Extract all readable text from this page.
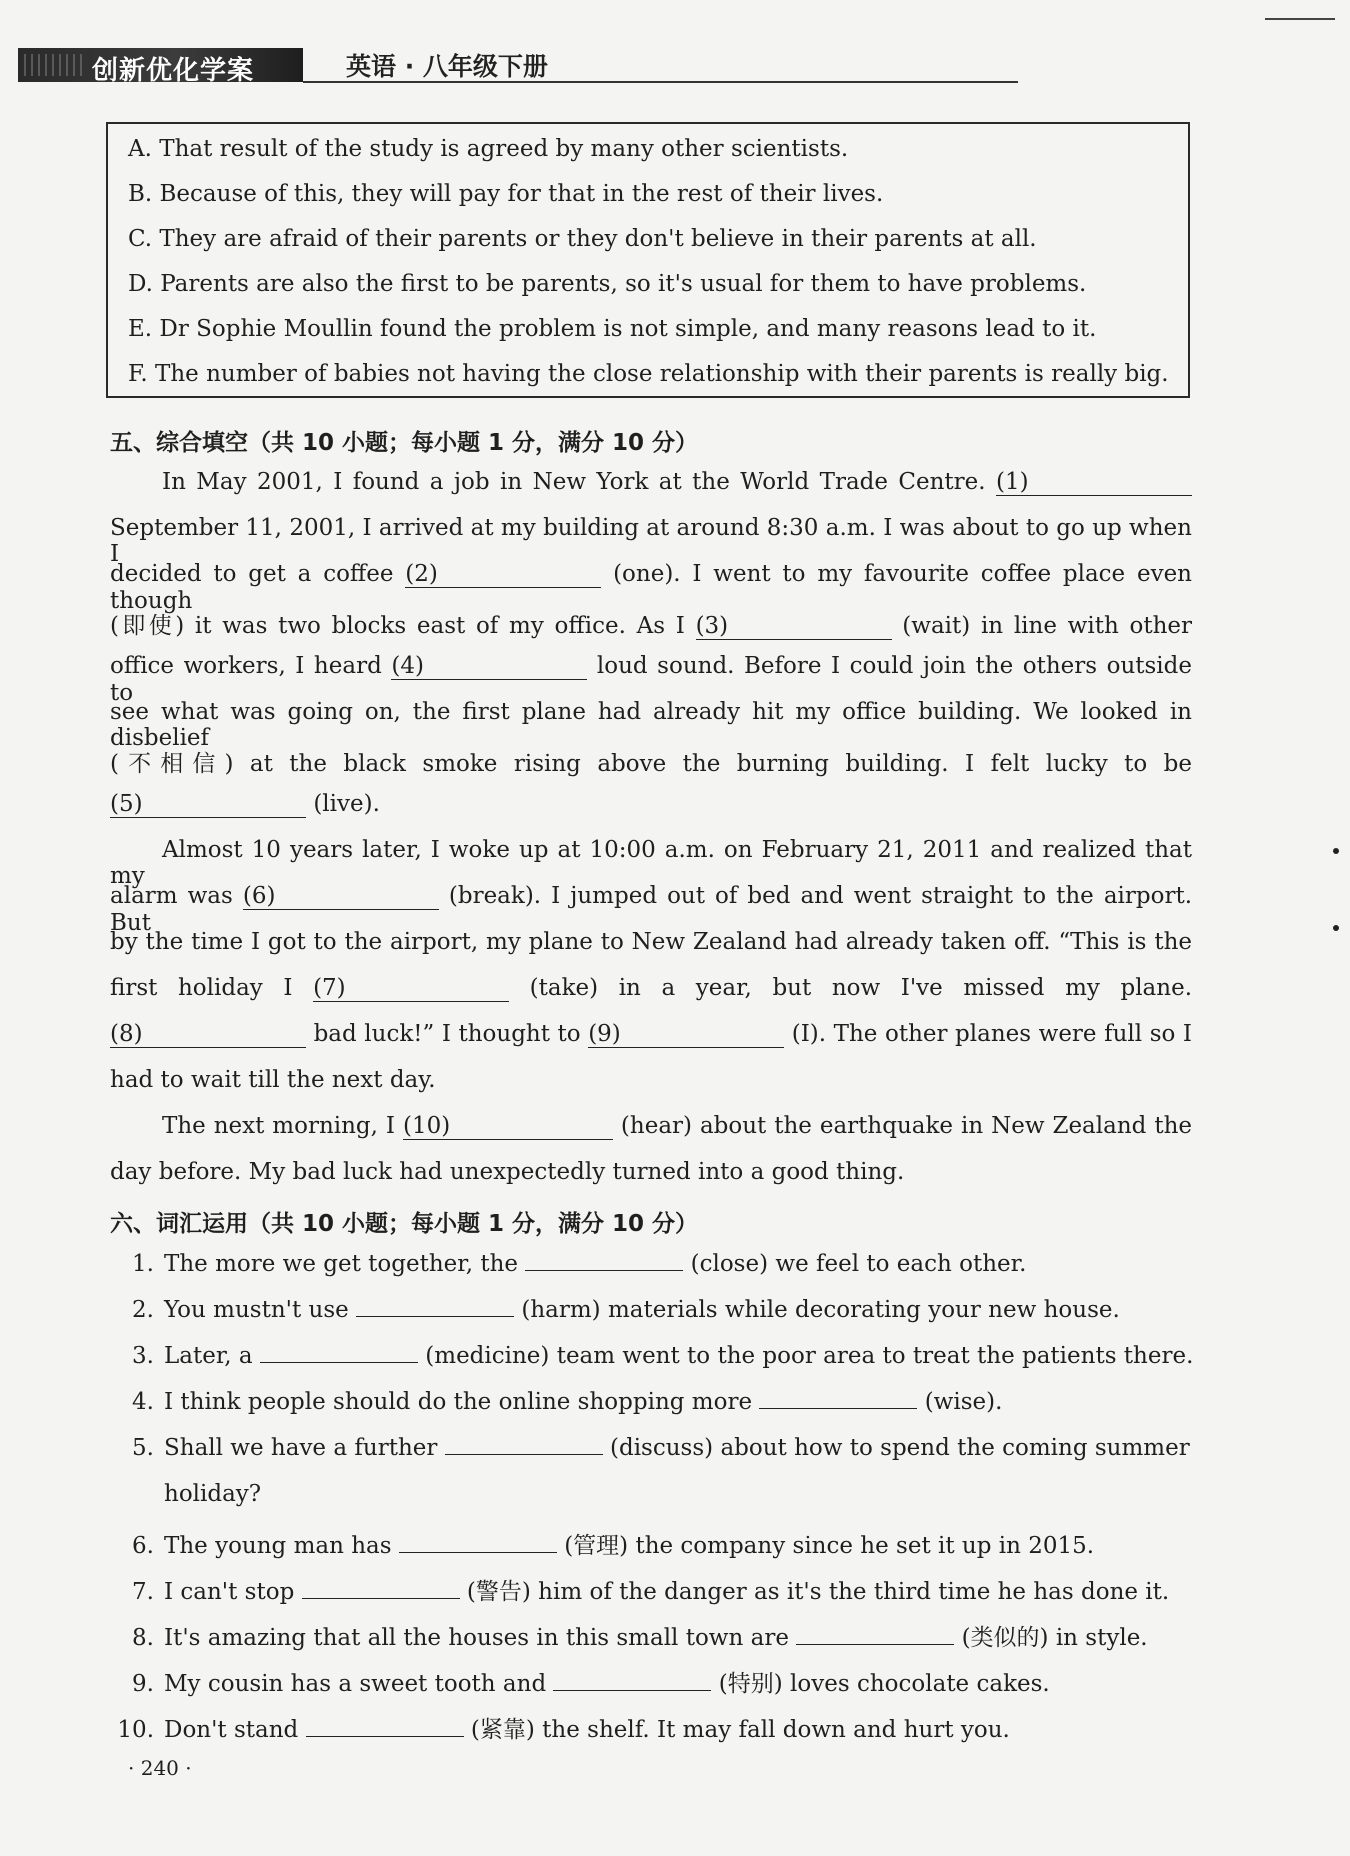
创新优化学案	英语 · 八年级下册
A. That result of the study is agreed by many other scientists.
B. Because of this, they will pay for that in the rest of their lives.
C. They are afraid of their parents or they don't believe in their parents at all.
D. Parents are also the first to be parents, so it's usual for them to have problems.
E. Dr Sophie Moullin found the problem is not simple, and many reasons lead to it.
F. The number of babies not having the close relationship with their parents is really big.
五、综合填空（共 10 小题；每小题 1 分，满分 10 分）
In May 2001, I found a job in New York at the World Trade Centre. (1)
September 11, 2001, I arrived at my building at around 8:30 a.m. I was about to go up when I
decided to get a coffee (2)	(one). I went to my favourite coffee place even though
(即使) it was two blocks east of my office. As I (3)	(wait) in line with other
office workers, I heard (4)	loud sound. Before I could join the others outside to
see what was going on, the first plane had already hit my office building. We looked in disbelief
(不相信) at the black smoke rising above the burning building. I felt lucky to be
(5)	(live).
Almost 10 years later, I woke up at 10:00 a.m. on February 21, 2011 and realized that my
alarm was (6)	(break). I jumped out of bed and went straight to the airport. But
by the time I got to the airport, my plane to New Zealand had already taken off. “This is the
first holiday I (7)	(take) in a year, but now I've missed my plane.
(8)	bad luck!” I thought to (9)	(I). The other planes were full so I
had to wait till the next day.
The next morning, I (10)	(hear) about the earthquake in New Zealand the
day before. My bad luck had unexpectedly turned into a good thing.
六、词汇运用（共 10 小题；每小题 1 分，满分 10 分）
1. The more we get together, the	(close) we feel to each other.
2. You mustn't use	(harm) materials while decorating your new house.
3. Later, a	(medicine) team went to the poor area to treat the patients there.
4. I think people should do the online shopping more	(wise).
5. Shall we have a further	(discuss) about how to spend the coming summer
holiday?
6. The young man has	(管理) the company since he set it up in 2015.
7. I can't stop	(警告) him of the danger as it's the third time he has done it.
8. It's amazing that all the houses in this small town are	(类似的) in style.
9. My cousin has a sweet tooth and	(特别) loves chocolate cakes.
10. Don't stand	(紧靠) the shelf. It may fall down and hurt you.
· 240 ·
